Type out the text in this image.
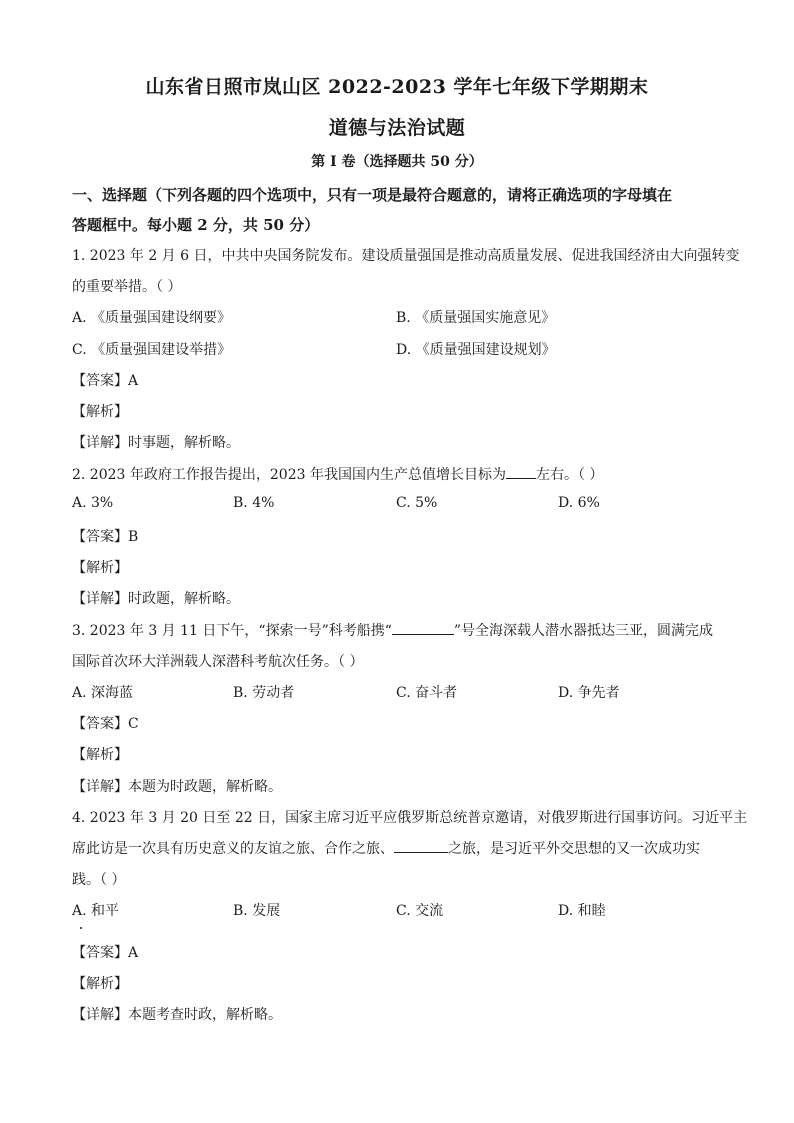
山东省日照市岚山区 2022-2023 学年七年级下学期期末
道德与法治试题
第 I 卷（选择题共 50 分）
一、选择题（下列各题的四个选项中，只有一项是最符合题意的，请将正确选项的字母填在
答题框中。每小题 2 分，共 50 分）
1. 2023 年 2 月 6 日，中共中央国务院发布。建设质量强国是推动高质量发展、促进我国经济由大向强转变
的重要举措。（ ）
A. 《质量强国建设纲要》	B. 《质量强国实施意见》
C. 《质量强国建设举措》	D. 《质量强国建设规划》
【答案】A
【解析】
【详解】时事题，解析略。
2. 2023 年政府工作报告提出，2023 年我国国内生产总值增长目标为 左右。（ ）
A. 3%	B. 4%	C. 5%	D. 6%
【答案】B
【解析】
【详解】时政题，解析略。
3. 2023 年 3 月 11 日下午，“探索一号”科考船携“	”号全海深载人潜水器抵达三亚，圆满完成
国际首次环大洋洲载人深潜科考航次任务。（ ）
A. 深海蓝	B. 劳动者	C. 奋斗者	D. 争先者
【答案】C
【解析】
【详解】本题为时政题，解析略。
4. 2023 年 3 月 20 日至 22 日，国家主席习近平应俄罗斯总统普京邀请，对俄罗斯进行国事访问。习近平主
席此访是一次具有历史意义的友谊之旅、合作之旅、	之旅，是习近平外交思想的又一次成功实
践。（ ）
A. 和平	B. 发展	C. 交流	D. 和睦
【答案】A
【解析】
【详解】本题考查时政，解析略。
